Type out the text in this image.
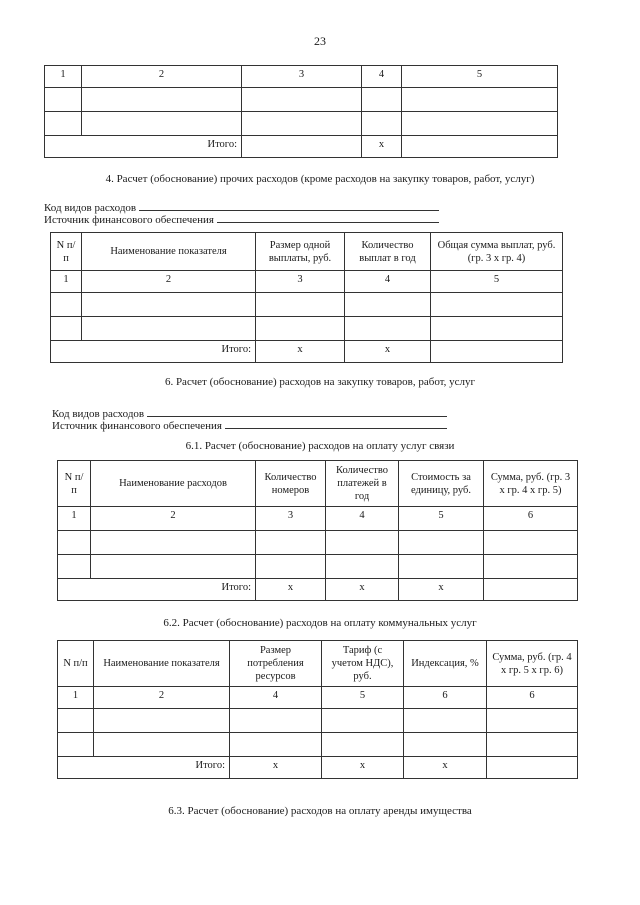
23
1	2	3	4	5

Итого:			х	
4. Расчет (обоснование) прочих расходов (кроме расходов на закупку товаров, работ, услуг)
Код видов расходов
Источник финансового обеспечения
N п/п	Наименование показателя	Размер одной выплаты, руб.	Количество выплат в год	Общая сумма выплат, руб. (гр. 3 х гр. 4)
1	2	3	4	5

Итого:		х	х	
6. Расчет (обоснование) расходов на закупку товаров, работ, услуг
Код видов расходов
Источник финансового обеспечения
6.1. Расчет (обоснование) расходов на оплату услуг связи
N п/п	Наименование расходов	Количество номеров	Количество платежей в год	Стоимость за единицу, руб.	Сумма, руб. (гр. 3 х гр. 4 х гр. 5)
1	2	3	4	5	6

Итого:		х	х	х	
6.2. Расчет (обоснование) расходов на оплату коммунальных услуг
N п/п	Наименование показателя	Размер потребления ресурсов	Тариф (с учетом НДС), руб.	Индексация, %	Сумма, руб. (гр. 4 х гр. 5 х гр. 6)
1	2	4	5	6	6

Итого:		х	х	х	
6.3. Расчет (обоснование) расходов на оплату аренды имущества
